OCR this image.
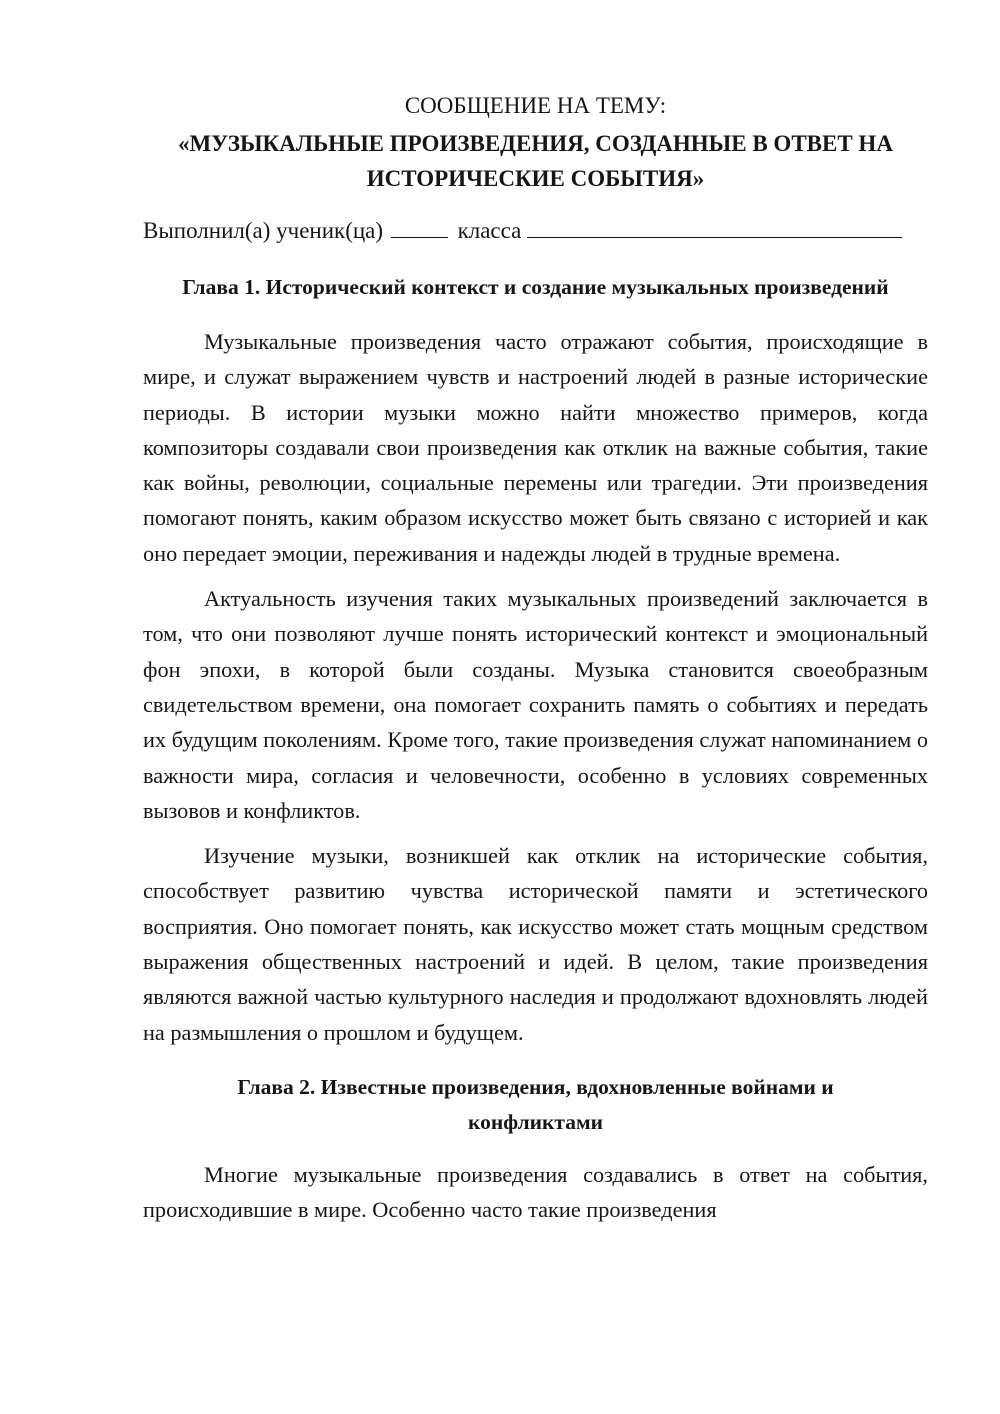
СООБЩЕНИЕ НА ТЕМУ:
«МУЗЫКАЛЬНЫЕ ПРОИЗВЕДЕНИЯ, СОЗДАННЫЕ В ОТВЕТ НА ИСТОРИЧЕСКИЕ СОБЫТИЯ»

Выполнил(а) ученик(ца)	класса

Глава 1. Исторический контекст и создание музыкальных произведений

Музыкальные произведения часто отражают события, происходящие в мире, и служат выражением чувств и настроений людей в разные исторические периоды. В истории музыки можно найти множество примеров, когда композиторы создавали свои произведения как отклик на важные события, такие как войны, революции, социальные перемены или трагедии. Эти произведения помогают понять, каким образом искусство может быть связано с историей и как оно передает эмоции, переживания и надежды людей в трудные времена.

Актуальность изучения таких музыкальных произведений заключается в том, что они позволяют лучше понять исторический контекст и эмоциональный фон эпохи, в которой были созданы. Музыка становится своеобразным свидетельством времени, она помогает сохранить память о событиях и передать их будущим поколениям. Кроме того, такие произведения служат напоминанием о важности мира, согласия и человечности, особенно в условиях современных вызовов и конфликтов.

Изучение музыки, возникшей как отклик на исторические события, способствует развитию чувства исторической памяти и эстетического восприятия. Оно помогает понять, как искусство может стать мощным средством выражения общественных настроений и идей. В целом, такие произведения являются важной частью культурного наследия и продолжают вдохновлять людей на размышления о прошлом и будущем.

Глава 2. Известные произведения, вдохновленные войнами и конфликтами

Многие музыкальные произведения создавались в ответ на события, происходившие в мире. Особенно часто такие произведения
